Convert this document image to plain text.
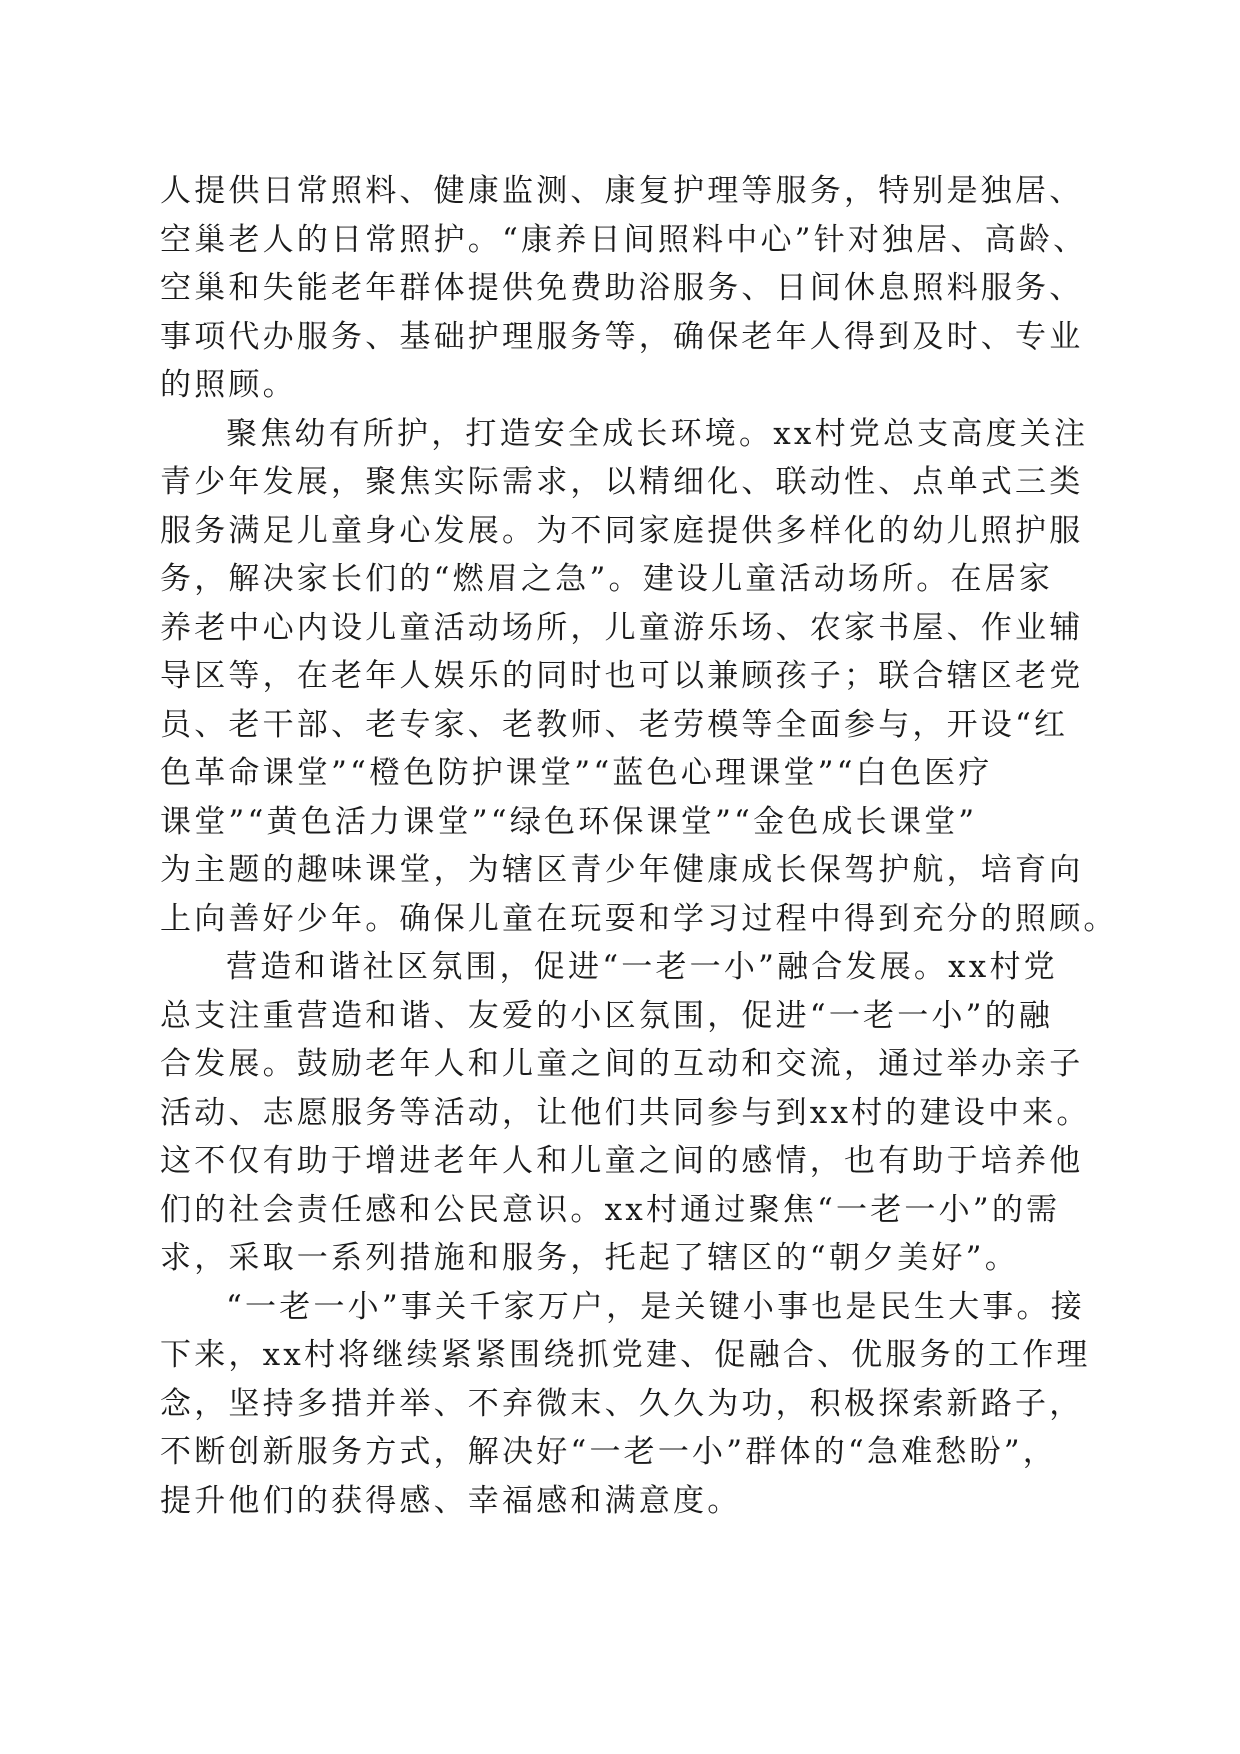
人提供日常照料、健康监测、康复护理等服务，特别是独居、
空巢老人的日常照护。“康养日间照料中心”针对独居、高龄、
空巢和失能老年群体提供免费助浴服务、日间休息照料服务、
事项代办服务、基础护理服务等，确保老年人得到及时、专业
的照顾。
聚焦幼有所护，打造安全成长环境。xx村党总支高度关注
青少年发展，聚焦实际需求，以精细化、联动性、点单式三类
服务满足儿童身心发展。为不同家庭提供多样化的幼儿照护服
务，解决家长们的“燃眉之急”。建设儿童活动场所。在居家
养老中心内设儿童活动场所，儿童游乐场、农家书屋、作业辅
导区等，在老年人娱乐的同时也可以兼顾孩子；联合辖区老党
员、老干部、老专家、老教师、老劳模等全面参与，开设“红
色革命课堂”“橙色防护课堂”“蓝色心理课堂”“白色医疗
课堂”“黄色活力课堂”“绿色环保课堂”“金色成长课堂”
为主题的趣味课堂，为辖区青少年健康成长保驾护航，培育向
上向善好少年。确保儿童在玩耍和学习过程中得到充分的照顾。
营造和谐社区氛围，促进“一老一小”融合发展。xx村党
总支注重营造和谐、友爱的小区氛围，促进“一老一小”的融
合发展。鼓励老年人和儿童之间的互动和交流，通过举办亲子
活动、志愿服务等活动，让他们共同参与到xx村的建设中来。
这不仅有助于增进老年人和儿童之间的感情，也有助于培养他
们的社会责任感和公民意识。xx村通过聚焦“一老一小”的需
求，采取一系列措施和服务，托起了辖区的“朝夕美好”。
“一老一小”事关千家万户，是关键小事也是民生大事。接
下来，xx村将继续紧紧围绕抓党建、促融合、优服务的工作理
念，坚持多措并举、不弃微末、久久为功，积极探索新路子，
不断创新服务方式，解决好“一老一小”群体的“急难愁盼”，
提升他们的获得感、幸福感和满意度。
